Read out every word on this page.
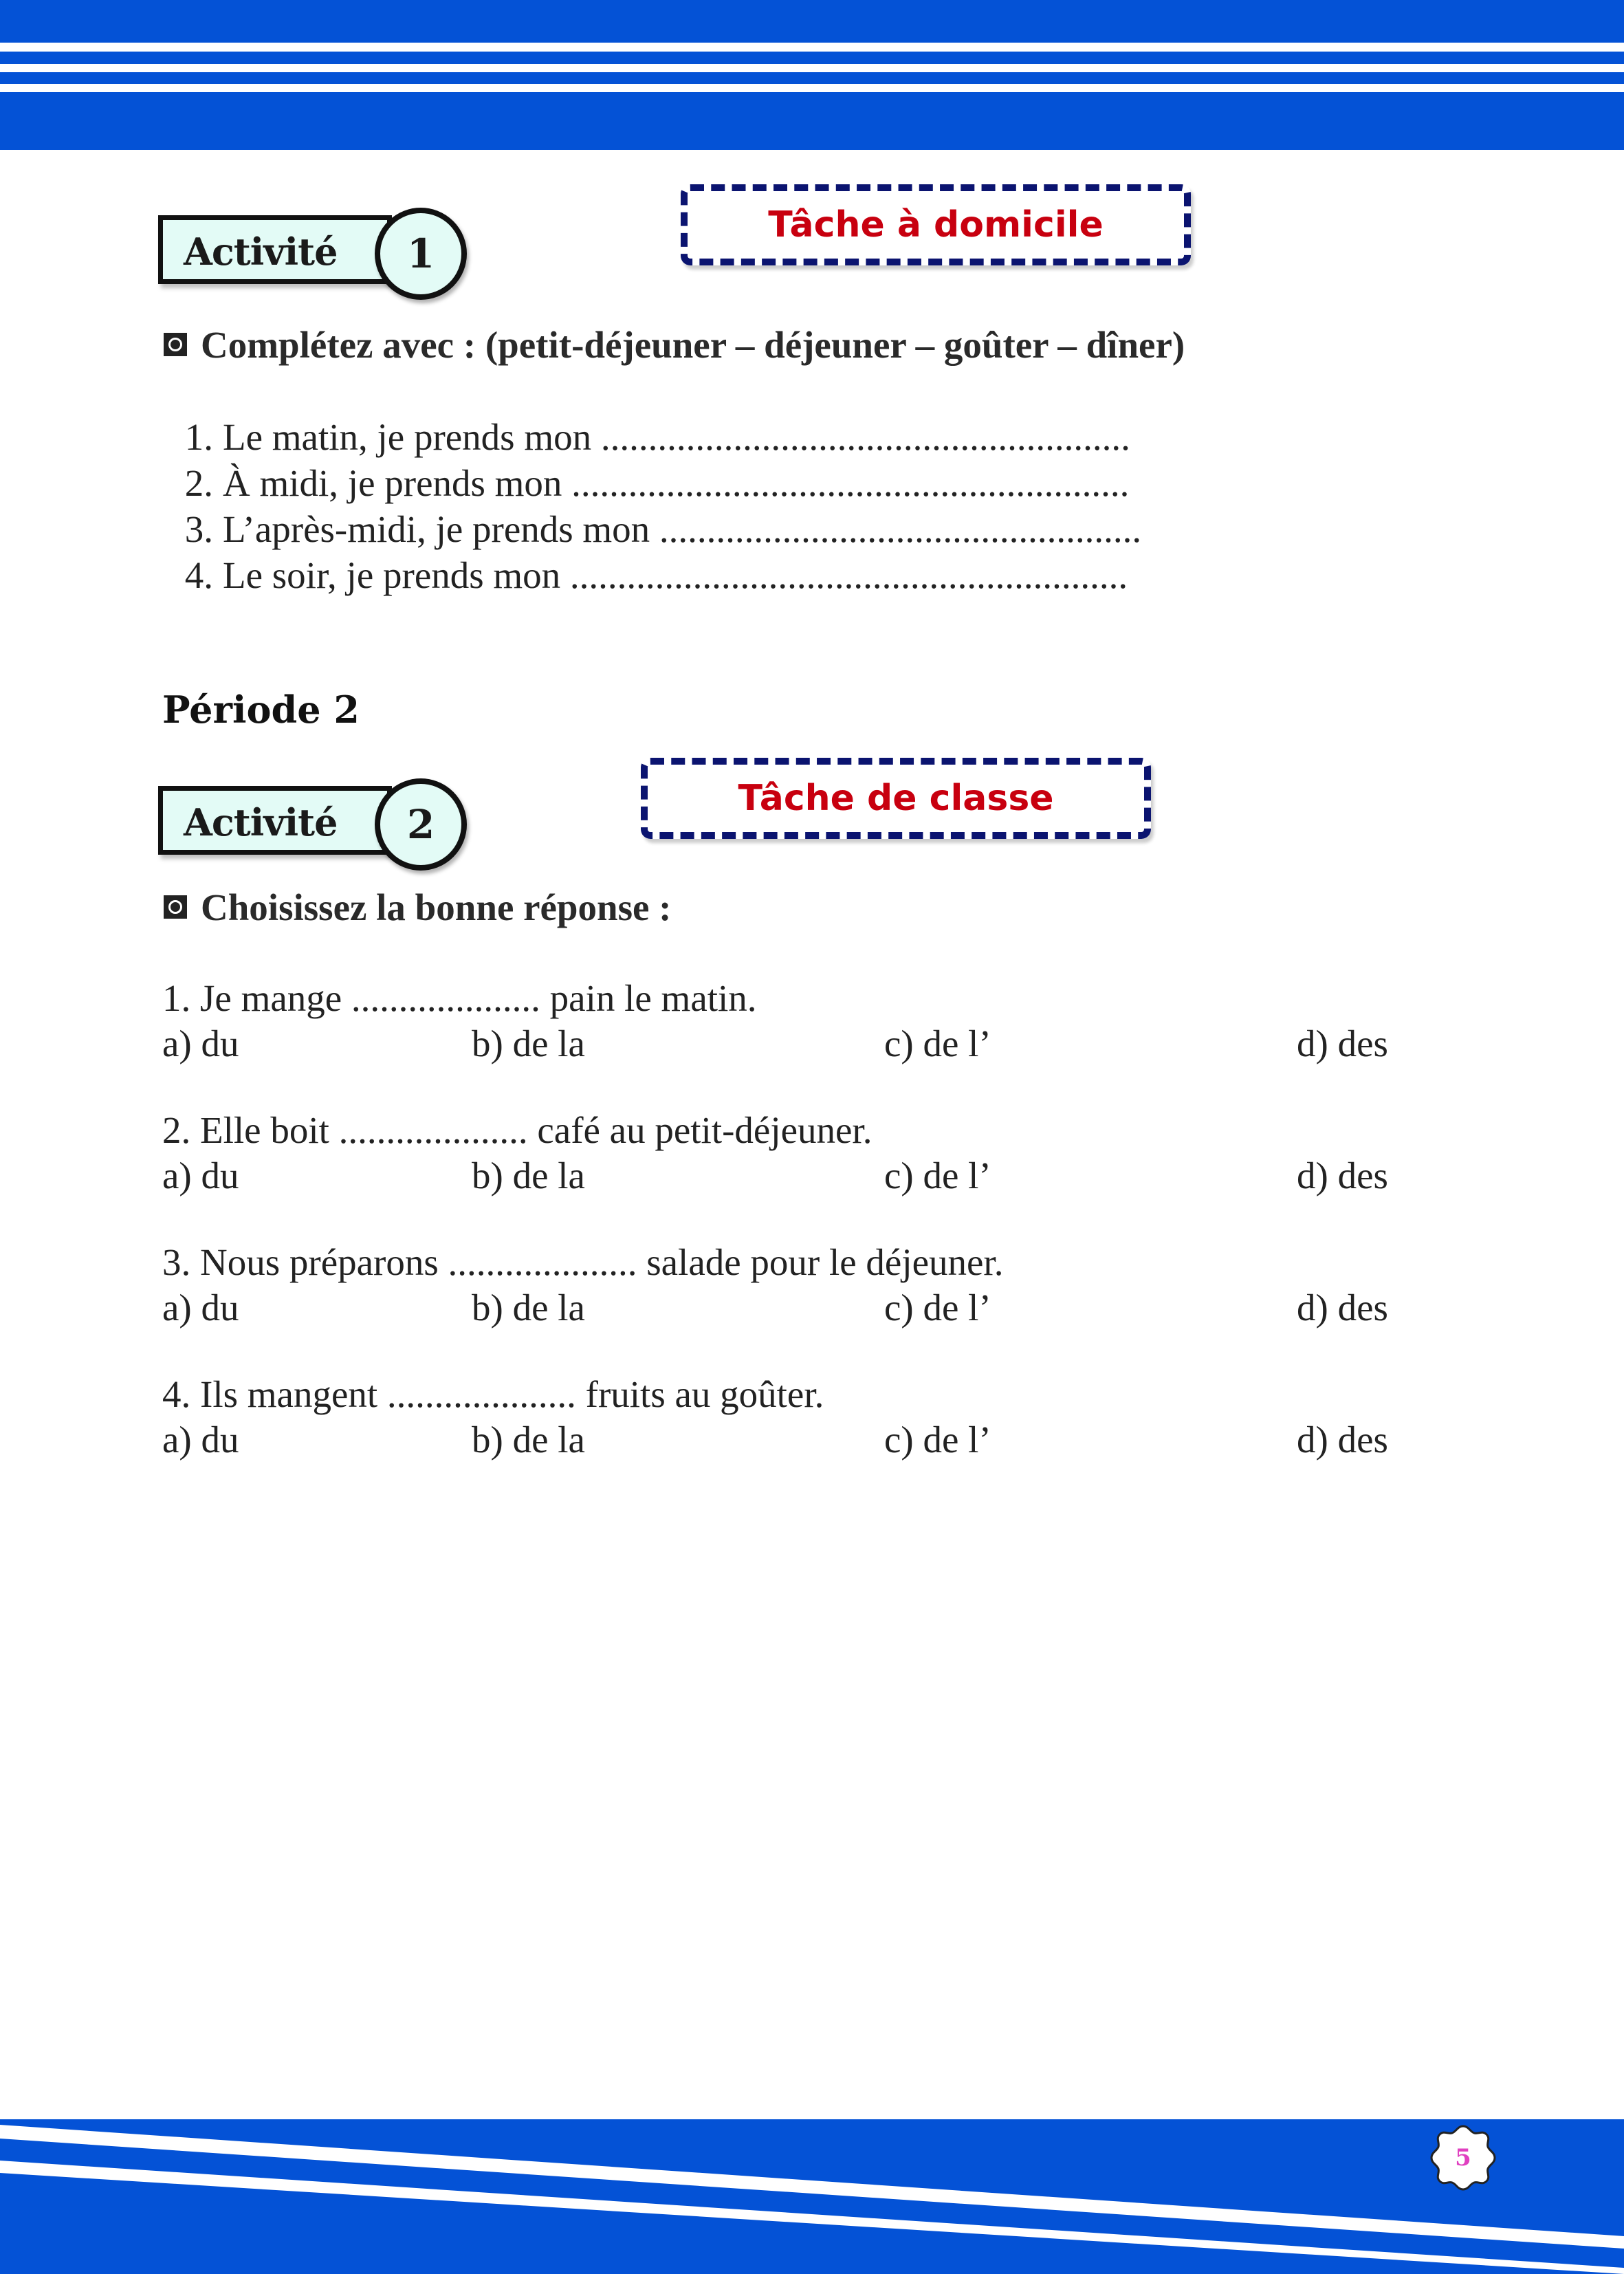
Activité	1
Tâche à domicile
Complétez avec : (petit-déjeuner – déjeuner – goûter – dîner)
1. Le matin, je prends mon ........................................................
2. À midi, je prends mon ...........................................................
3. L’après-midi, je prends mon ...................................................
4. Le soir, je prends mon ...........................................................
Période 2
Activité	2
Tâche de classe
Choisissez la bonne réponse :
1. Je mange .................... pain le matin.
a) du	b) de la	c) de l’	d) des
2. Elle boit .................... café au petit-déjeuner.
a) du	b) de la	c) de l’	d) des
3. Nous préparons .................... salade pour le déjeuner.
a) du	b) de la	c) de l’	d) des
4. Ils mangent .................... fruits au goûter.
a) du	b) de la	c) de l’	d) des
5
